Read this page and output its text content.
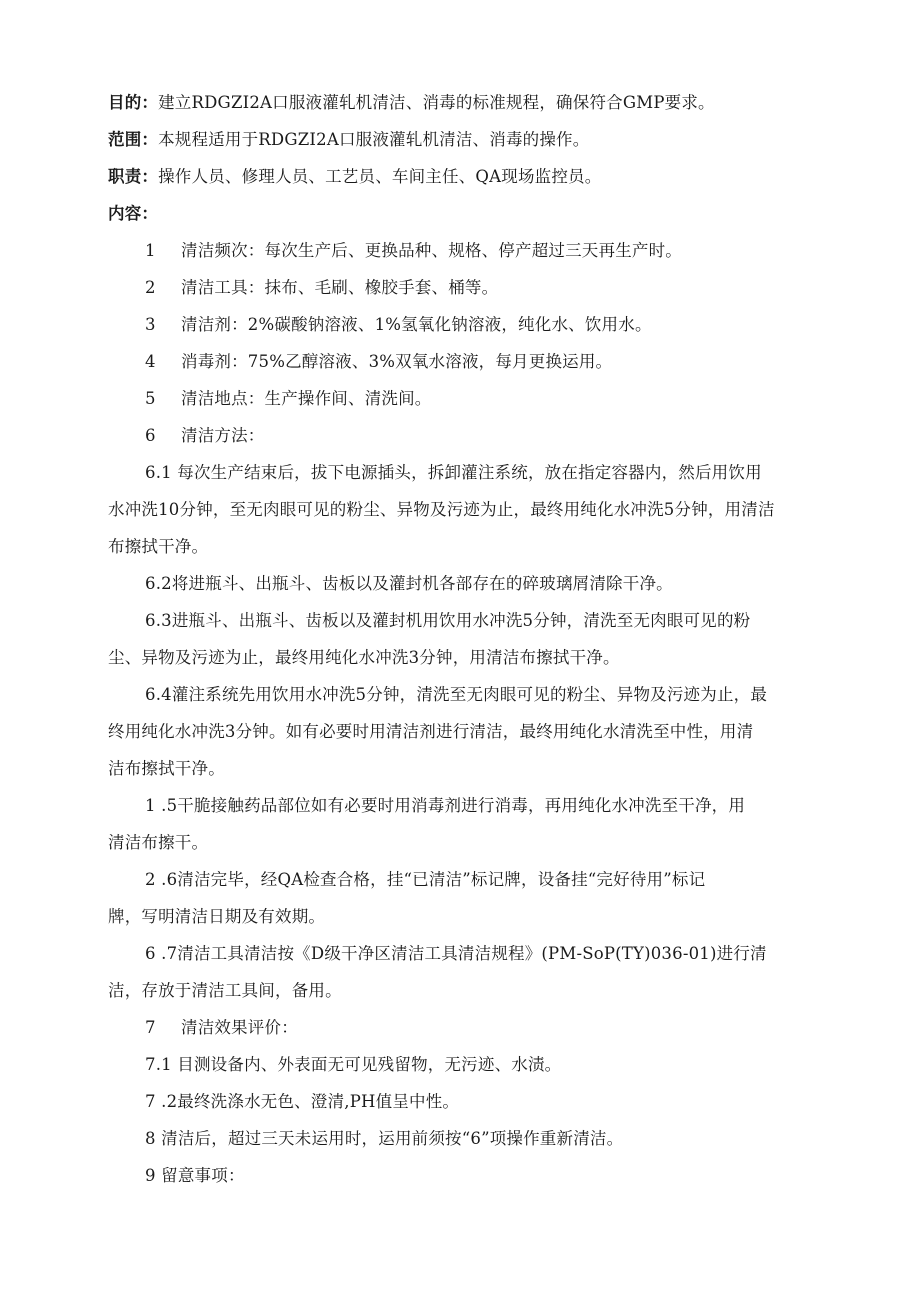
目的：建立RDGZI2A口服液灌轧机清洁、消毒的标准规程，确保符合GMP要求。
范围：本规程适用于RDGZI2A口服液灌轧机清洁、消毒的操作。
职责：操作人员、修理人员、工艺员、车间主任、QA现场监控员。
内容：
1 清洁频次：每次生产后、更换品种、规格、停产超过三天再生产时。
2 清洁工具：抹布、毛刷、橡胶手套、桶等。
3 清洁剂：2%碳酸钠溶液、1%氢氧化钠溶液，纯化水、饮用水。
4 消毒剂：75%乙醇溶液、3%双氧水溶液，每月更换运用。
5 清洁地点：生产操作间、清洗间。
6 清洁方法：
6.1 每次生产结束后，拔下电源插头，拆卸灌注系统，放在指定容器内，然后用饮用
水冲洗10分钟，至无肉眼可见的粉尘、异物及污迹为止，最终用纯化水冲洗5分钟，用清洁
布擦拭干净。
6.2将进瓶斗、出瓶斗、齿板以及灌封机各部存在的碎玻璃屑清除干净。
6.3进瓶斗、出瓶斗、齿板以及灌封机用饮用水冲洗5分钟，清洗至无肉眼可见的粉
尘、异物及污迹为止，最终用纯化水冲洗3分钟，用清洁布擦拭干净。
6.4灌注系统先用饮用水冲洗5分钟，清洗至无肉眼可见的粉尘、异物及污迹为止，最
终用纯化水冲洗3分钟。如有必要时用清洁剂进行清洁，最终用纯化水清洗至中性，用清
洁布擦拭干净。
1 .5干脆接触药品部位如有必要时用消毒剂进行消毒，再用纯化水冲洗至干净，用
清洁布擦干。
2 .6清洁完毕，经QA检查合格，挂“已清洁”标记牌，设备挂“完好待用”标记
牌，写明清洁日期及有效期。
6 .7清洁工具清洁按《D级干净区清洁工具清洁规程》(PM-SoP(TY)036-01)进行清
洁，存放于清洁工具间，备用。
7 清洁效果评价：
7.1 目测设备内、外表面无可见残留物，无污迹、水渍。
7 .2最终洗涤水无色、澄清,PH值呈中性。
8 清洁后，超过三天未运用时，运用前须按“6”项操作重新清洁。
9 留意事项：
